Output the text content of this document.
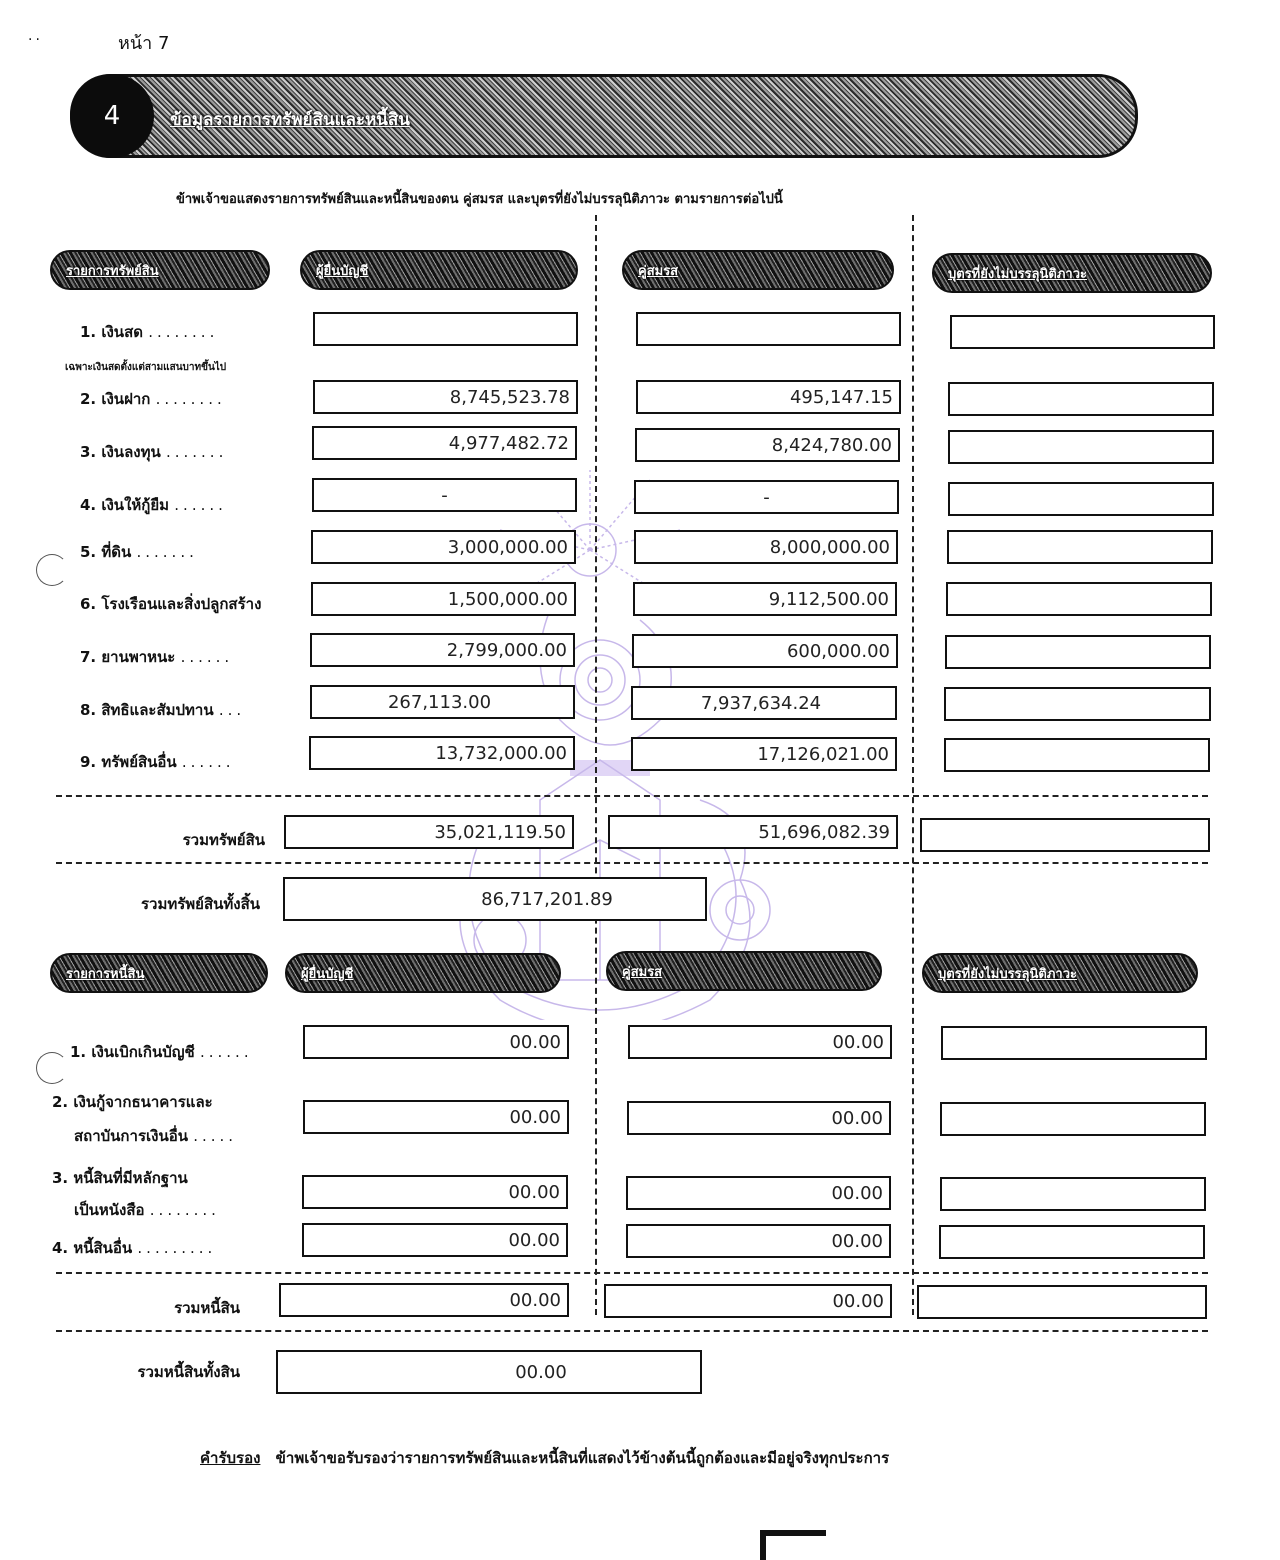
..	หน้า 7
4	ข้อมูลรายการทรัพย์สินและหนี้สิน
ข้าพเจ้าขอแสดงรายการทรัพย์สินและหนี้สินของตน คู่สมรส และบุตรที่ยังไม่บรรลุนิติภาวะ ตามรายการต่อไปนี้
รายการทรัพย์สิน	ผู้ยื่นบัญชี	คู่สมรส	บุตรที่ยังไม่บรรลุนิติภาวะ
1. เงินสด ........
เฉพาะเงินสดตั้งแต่สามแสนบาทขึ้นไป
2. เงินฝาก ........	8,745,523.78	495,147.15
3. เงินลงทุน .......	4,977,482.72	8,424,780.00
4. เงินให้กู้ยืม ......	-	-
5. ที่ดิน .......	3,000,000.00	8,000,000.00
6. โรงเรือนและสิ่งปลูกสร้าง	1,500,000.00	9,112,500.00
7. ยานพาหนะ ......	2,799,000.00	600,000.00
8. สิทธิและสัมปทาน ...	267,113.00	7,937,634.24
9. ทรัพย์สินอื่น ......	13,732,000.00	17,126,021.00
รวมทรัพย์สิน	35,021,119.50	51,696,082.39
รวมทรัพย์สินทั้งสิ้น	86,717,201.89
รายการหนี้สิน	ผู้ยื่นบัญชี	คู่สมรส	บุตรที่ยังไม่บรรลุนิติภาวะ
1. เงินเบิกเกินบัญชี ......	00.00	00.00
2. เงินกู้จากธนาคารและ
สถาบันการเงินอื่น .....
00.00	00.00
3. หนี้สินที่มีหลักฐาน
เป็นหนังสือ ........
00.00	00.00
4. หนี้สินอื่น .........	00.00	00.00
รวมหนี้สิน	00.00	00.00
รวมหนี้สินทั้งสิน	00.00
คำรับรอง ข้าพเจ้าขอรับรองว่ารายการทรัพย์สินและหนี้สินที่แสดงไว้ข้างต้นนี้ถูกต้องและมีอยู่จริงทุกประการ
